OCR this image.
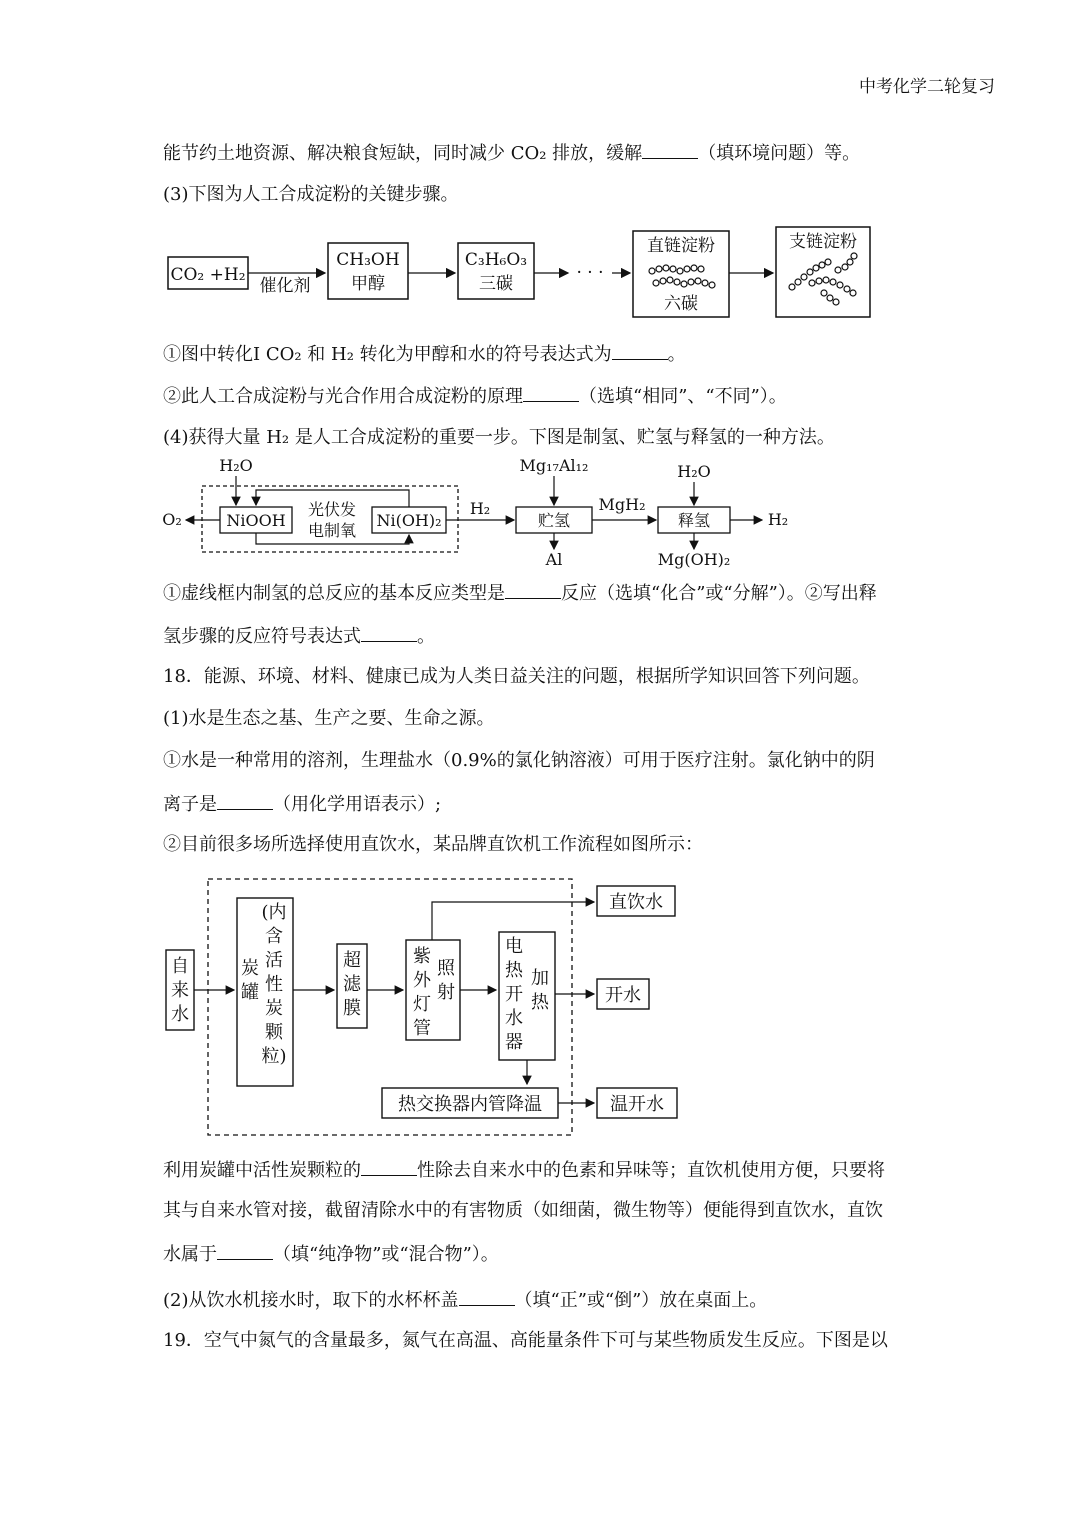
中考化学二轮复习
能节约土地资源、解决粮食短缺，同时减少 CO₂ 排放，缓解	（填环境问题）等。
(3)下图为人工合成淀粉的关键步骤。
CO₂ +H₂
催化剂
CH₃OH
甲醇
C₃H₆O₃
三碳
· · ·
直链淀粉
六碳
支链淀粉
①图中转化Ⅰ CO₂ 和 H₂ 转化为甲醇和水的符号表达式为	。
②此人工合成淀粉与光合作用合成淀粉的原理	（选填“相同”、“不同”）。
(4)获得大量 H₂ 是人工合成淀粉的重要一步。下图是制氢、贮氢与释氢的一种方法。
H₂O
NiOOH
O₂
光伏发
电制氧
Ni(OH)₂
H₂
Mg₁₇Al₁₂
贮氢
Al
MgH₂
H₂O
释氢	H₂
Mg(OH)₂
①虚线框内制氢的总反应的基本反应类型是	反应（选填“化合”或“分解”）。②写出释
氢步骤的反应符号表达式	。
18．能源、环境、材料、健康已成为人类日益关注的问题，根据所学知识回答下列问题。
(1)水是生态之基、生产之要、生命之源。
①水是一种常用的溶剂，生理盐水（0.9%的氯化钠溶液）可用于医疗注射。氯化钠中的阴
离子是	（用化学用语表示）;
②目前很多场所选择使用直饮水，某品牌直饮机工作流程如图所示：
自
来
水
炭
罐
(内
含
活
性
炭
颗
粒)
超
滤
膜
紫
外
灯
管
照
射
电
热
开
水
器
加
热
热交换器内管降温
直饮水
开水
温开水
利用炭罐中活性炭颗粒的	性除去自来水中的色素和异味等；直饮机使用方便，只要将
其与自来水管对接，截留清除水中的有害物质（如细菌，微生物等）便能得到直饮水，直饮
水属于	（填“纯净物”或“混合物”）。
(2)从饮水机接水时，取下的水杯杯盖	（填“正”或“倒”）放在桌面上。
19．空气中氮气的含量最多，氮气在高温、高能量条件下可与某些物质发生反应。下图是以
